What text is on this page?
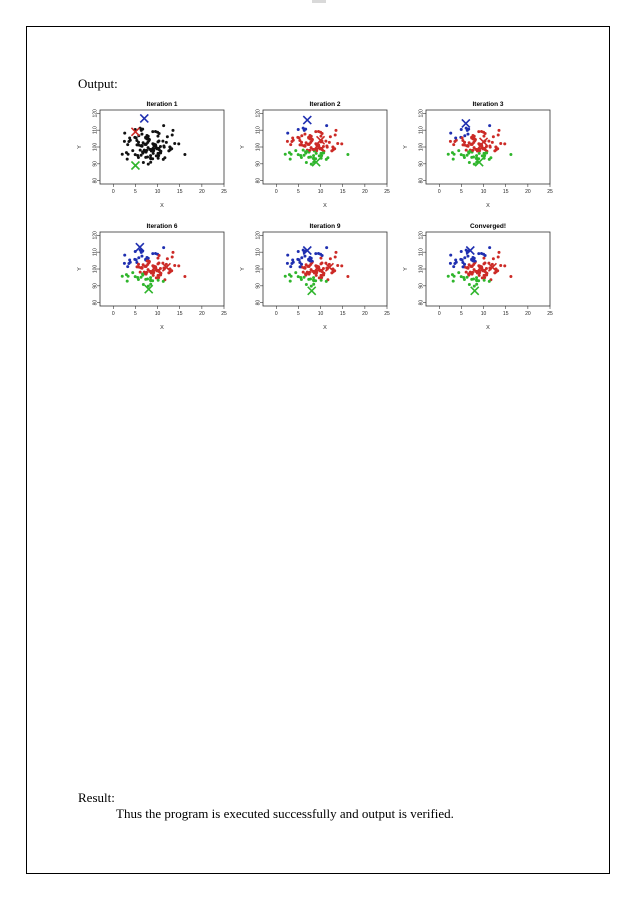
Output:
Iteration 1
0	5	10	15	20	25
80
90
100
110
120
X
Y
Iteration 2
0	5	10	15	20	25
80
90
100
110
120
X
Y
Iteration 3
0	5	10	15	20	25
80
90
100
110
120
X
Y
Iteration 6
0	5	10	15	20	25
80
90
100
110
120
X
Y
Iteration 9
0	5	10	15	20	25
80
90
100
110
120
X
Y
Converged!
0	5	10	15	20	25
80
90
100
110
120
X
Y
Result:
Thus the program is executed successfully and output is verified.
